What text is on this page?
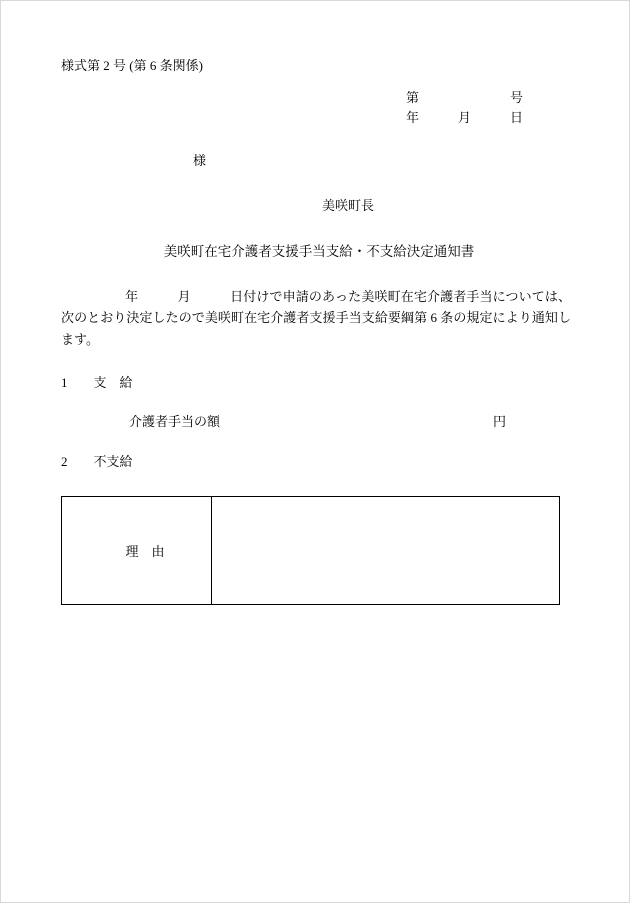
様式第 2 号 (第 6 条関係)
第　　　　　　　号
年　　　月　　　日
様
美咲町長
美咲町在宅介護者支援手当支給・不支給決定通知書
年　　　月　　　日付けで申請のあった美咲町在宅介護者手当については、次のとおり決定したので美咲町在宅介護者支援手当支給要綱第 6 条の規定により通知します。
1　　 支　給
介護者手当の額	円
2　　 不支給
理　由	
